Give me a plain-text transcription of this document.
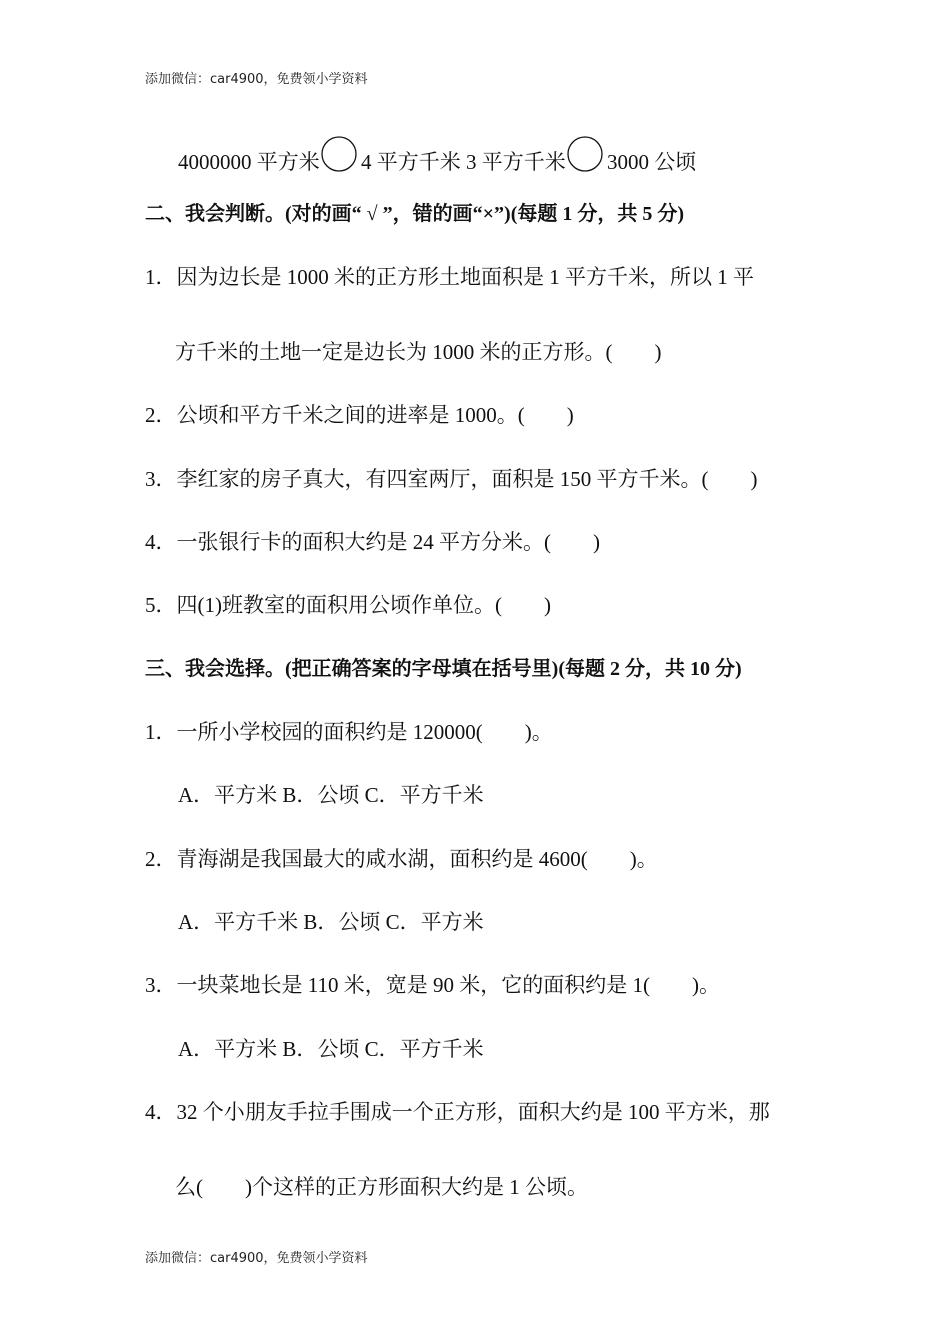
添加微信：car4900，免费领小学资料
4000000 平方米 4 平方千米 3 平方千米 3000 公顷
二、我会判断。(对的画“ √ ”，错的画“×”)(每题 1 分，共 5 分)
1．因为边长是 1000 米的正方形土地面积是 1 平方千米，所以 1 平
方千米的土地一定是边长为 1000 米的正方形。(　　)
2．公顷和平方千米之间的进率是 1000。(　　)
3．李红家的房子真大，有四室两厅，面积是 150 平方千米。(　　)
4．一张银行卡的面积大约是 24 平方分米。(　　)
5．四(1)班教室的面积用公顷作单位。(　　)
三、我会选择。(把正确答案的字母填在括号里)(每题 2 分，共 10 分)
1．一所小学校园的面积约是 120000(　　)。
A．平方米 B．公顷 C．平方千米
2．青海湖是我国最大的咸水湖，面积约是 4600(　　)。
A．平方千米 B．公顷 C．平方米
3．一块菜地长是 110 米，宽是 90 米，它的面积约是 1(　　)。
A．平方米 B．公顷 C．平方千米
4．32 个小朋友手拉手围成一个正方形，面积大约是 100 平方米，那
么(　　)个这样的正方形面积大约是 1 公顷。
添加微信：car4900，免费领小学资料
